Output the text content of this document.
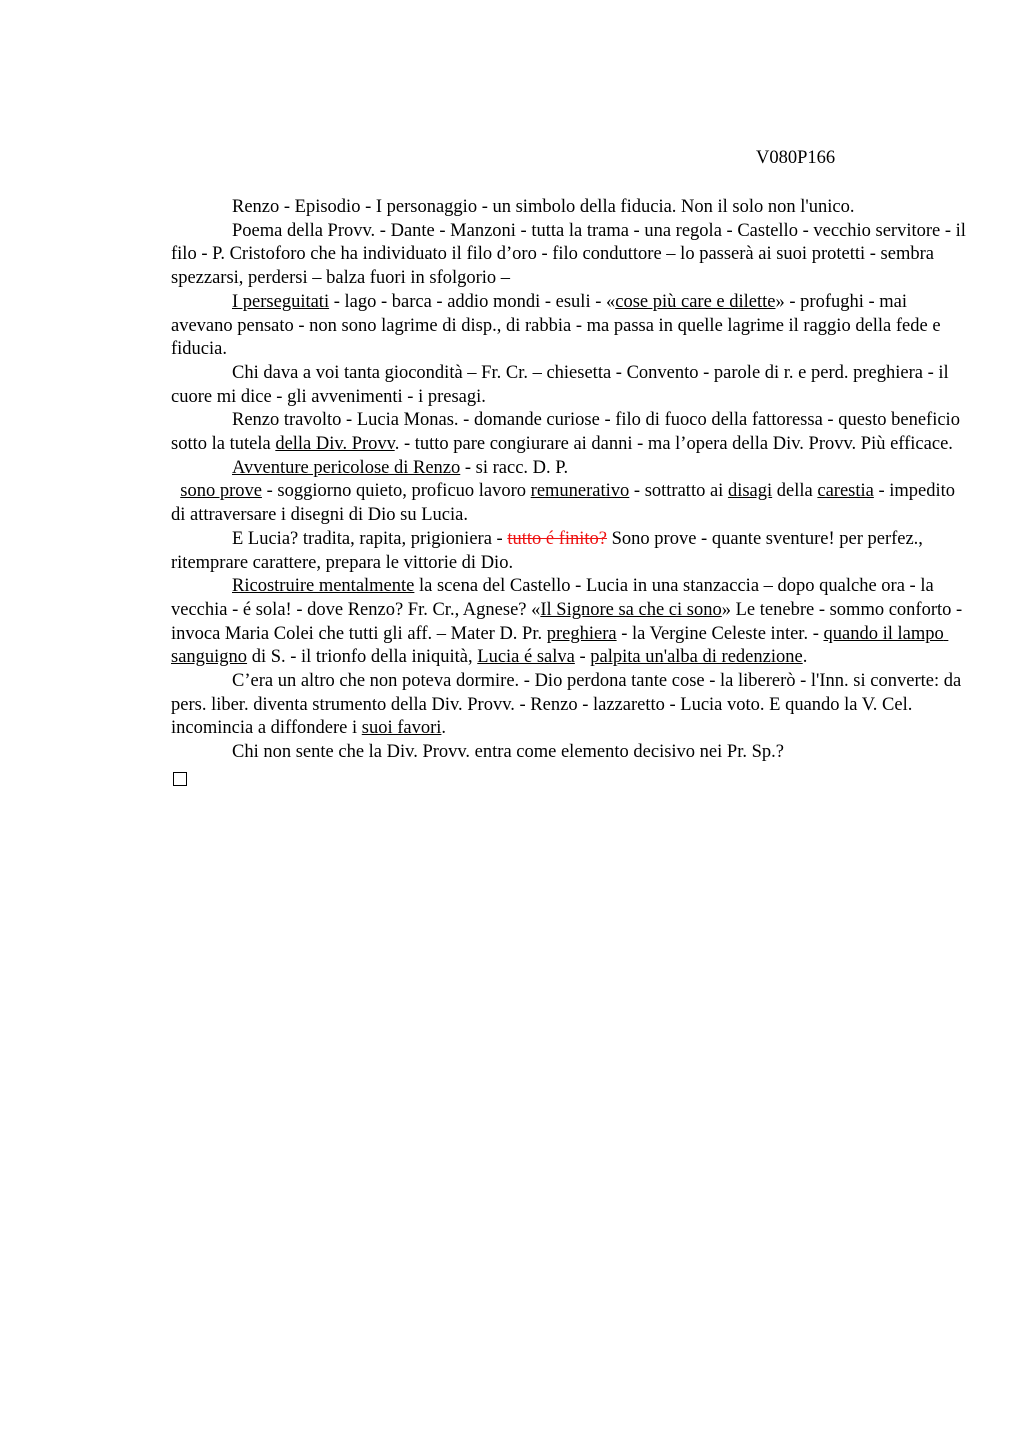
V080P166

Renzo - Episodio - I personaggio - un simbolo della fiducia. Non il solo non l'unico.

Poema della Provv. - Dante - Manzoni - tutta la trama - una regola - Castello - vecchio servitore - il filo - P. Cristoforo che ha individuato il filo d’oro - filo conduttore – lo passerà ai suoi protetti - sembra spezzarsi, perdersi – balza fuori in sfolgorio –

I perseguitati - lago - barca - addio mondi - esuli - «cose più care e dilette» - profughi - mai avevano pensato - non sono lagrime di disp., di rabbia - ma passa in quelle lagrime il raggio della fede e fiducia.

Chi dava a voi tanta giocondità – Fr. Cr. – chiesetta - Convento - parole di r. e perd. preghiera - il cuore mi dice - gli avvenimenti - i presagi.

Renzo travolto - Lucia Monas. - domande curiose - filo di fuoco della fattoressa - questo beneficio sotto la tutela della Div. Provv. - tutto pare congiurare ai danni - ma l’opera della Div. Provv. Più efficace.

Avventure pericolose di Renzo - si racc. D. P.

sono prove - soggiorno quieto, proficuo lavoro remunerativo - sottratto ai disagi della carestia - impedito di attraversare i disegni di Dio su Lucia.

E Lucia? tradita, rapita, prigioniera - tutto é finito? Sono prove - quante sventure! per perfez., ritemprare carattere, prepara le vittorie di Dio.

Ricostruire mentalmente la scena del Castello - Lucia in una stanzaccia – dopo qualche ora - la vecchia - é sola! - dove Renzo? Fr. Cr., Agnese? «Il Signore sa che ci sono» Le tenebre - sommo conforto - invoca Maria Colei che tutti gli aff. – Mater D. Pr. preghiera - la Vergine Celeste inter. - quando il lampo sanguigno di S. - il trionfo della iniquità, Lucia é salva - palpita un'alba di redenzione.

C’era un altro che non poteva dormire. - Dio perdona tante cose - la libererò - l'Inn. si converte: da pers. liber. diventa strumento della Div. Provv. - Renzo - lazzaretto - Lucia voto. E quando la V. Cel. incomincia a diffondere i suoi favori.

Chi non sente che la Div. Provv. entra come elemento decisivo nei Pr. Sp.?
